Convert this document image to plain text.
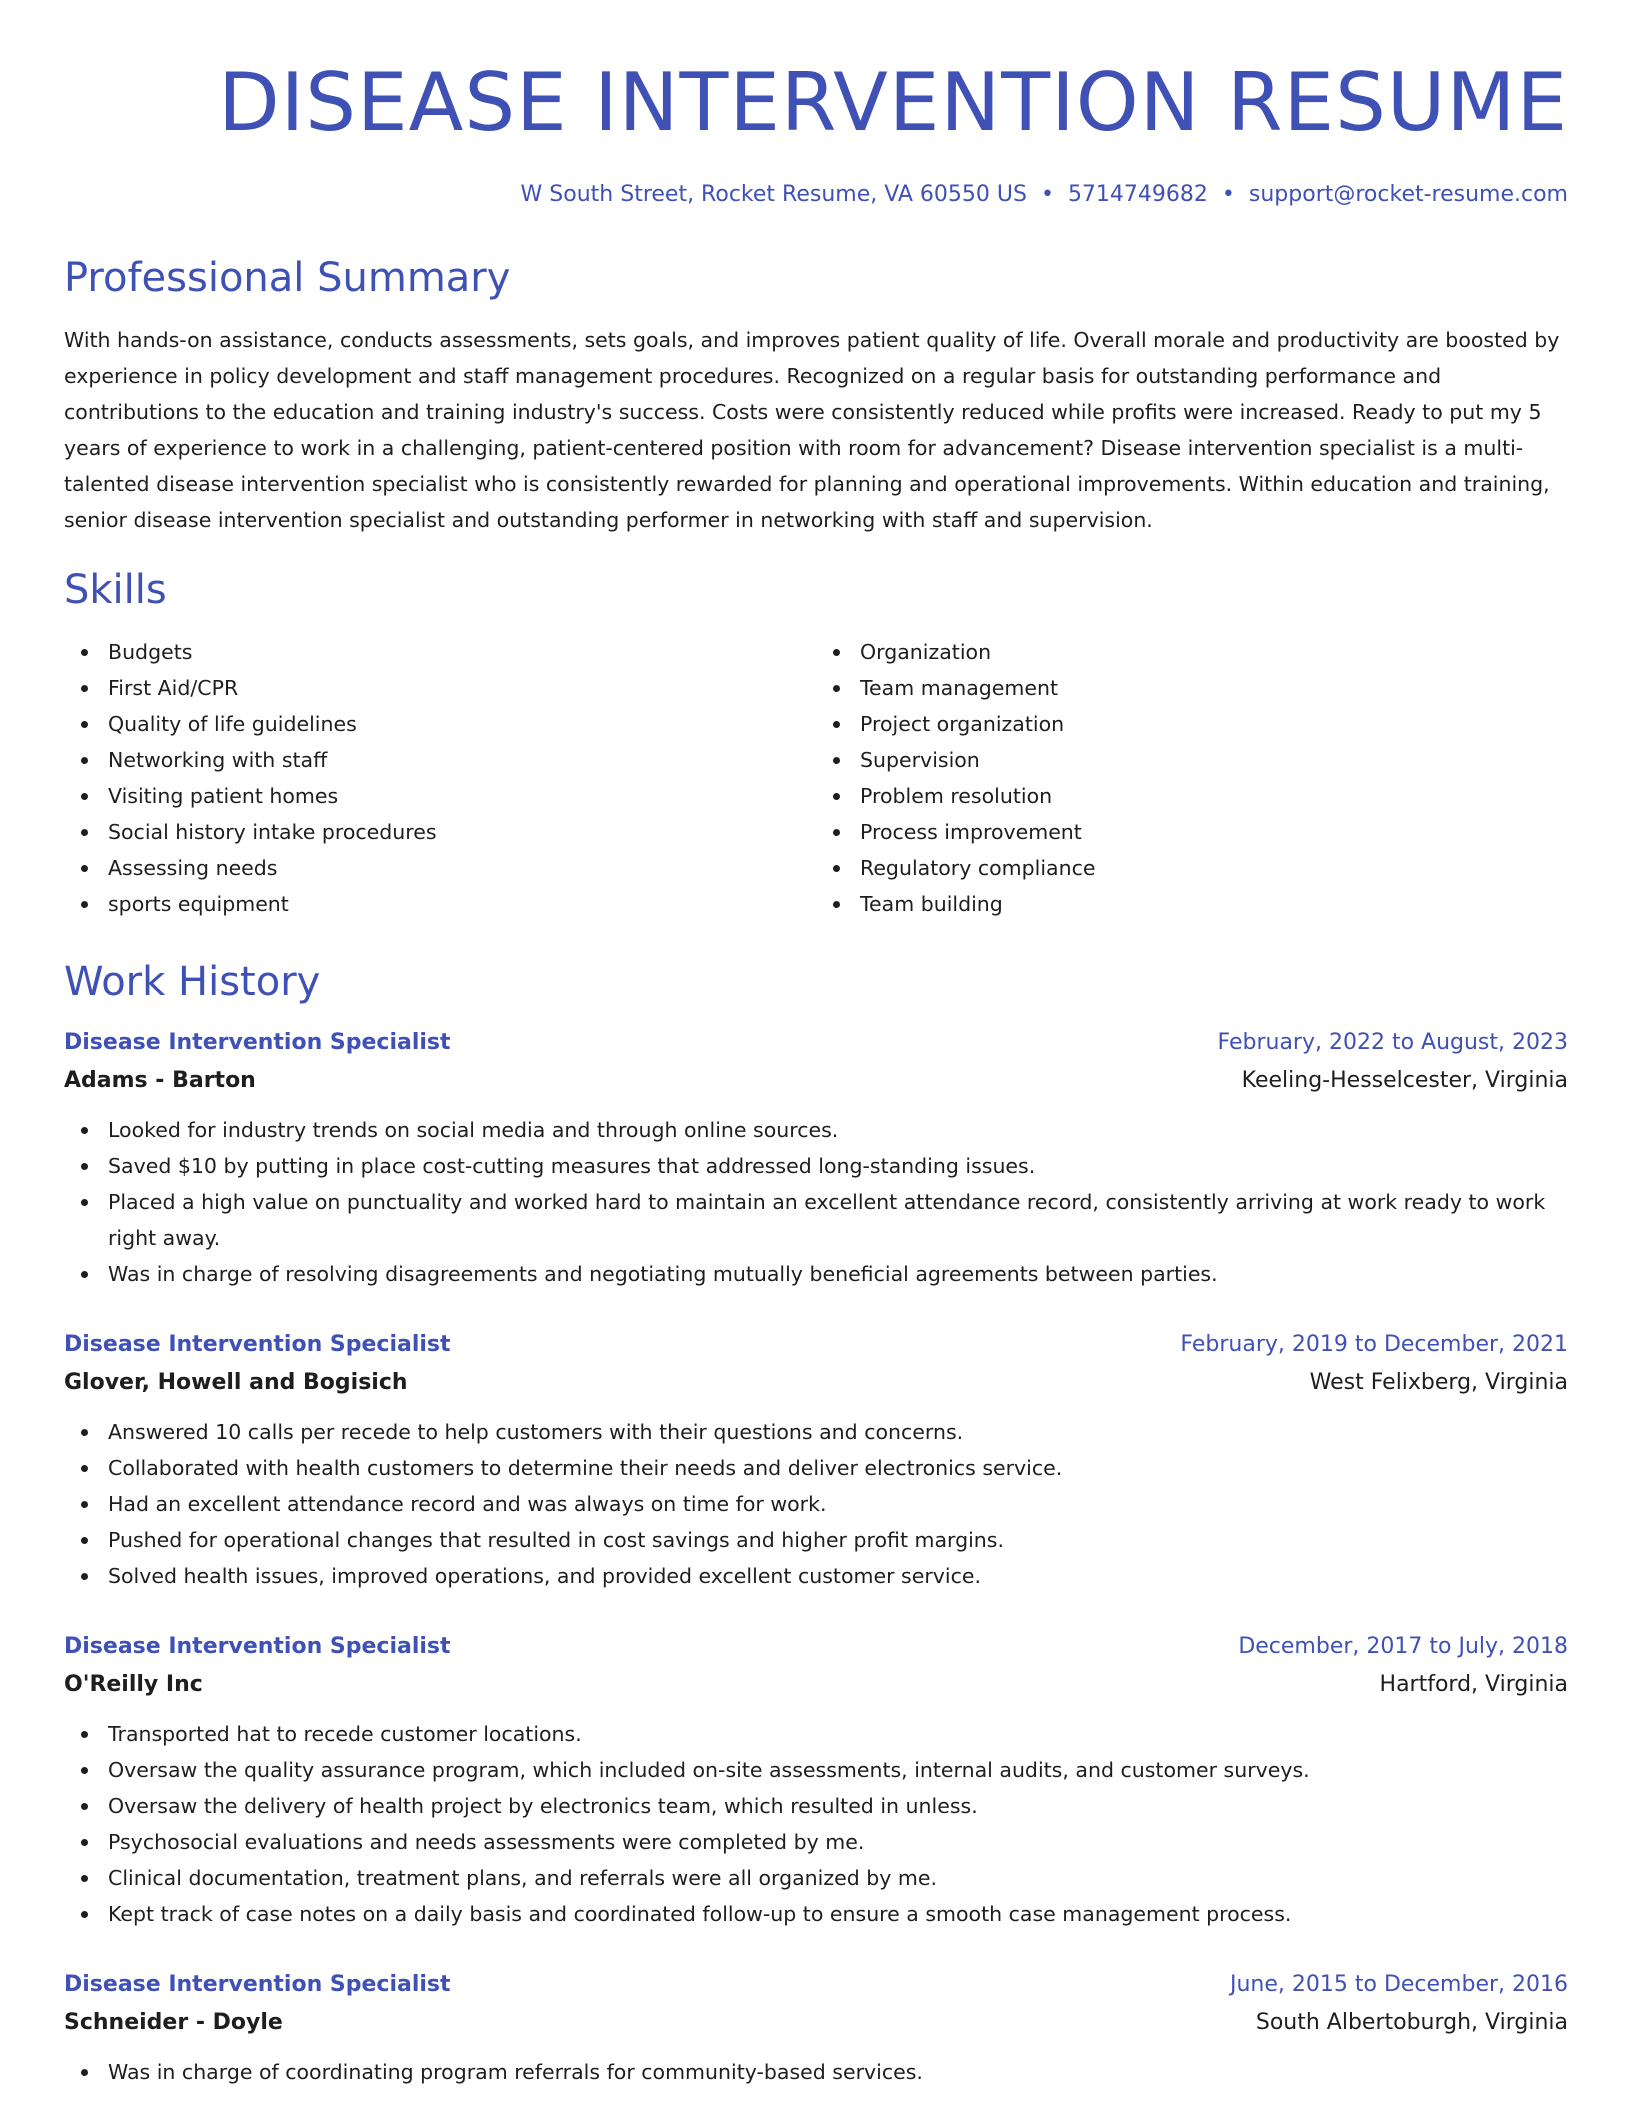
DISEASE INTERVENTION RESUME
W South Street, Rocket Resume, VA 60550 US • 5714749682 • support@rocket-resume.com
Professional Summary

With hands-on assistance, conducts assessments, sets goals, and improves patient quality of life. Overall morale and productivity are boosted by experience in policy development and staff management procedures. Recognized on a regular basis for outstanding performance and contributions to the education and training industry's success. Costs were consistently reduced while profits were increased. Ready to put my 5 years of experience to work in a challenging, patient-centered position with room for advancement? Disease intervention specialist is a multi-talented disease intervention specialist who is consistently rewarded for planning and operational improvements. Within education and training, senior disease intervention specialist and outstanding performer in networking with staff and supervision.

Skills
Budgets
First Aid/CPR
Quality of life guidelines
Networking with staff
Visiting patient homes
Social history intake procedures
Assessing needs
sports equipment
Organization
Team management
Project organization
Supervision
Problem resolution
Process improvement
Regulatory compliance
Team building
Work History
Disease Intervention Specialist	February, 2022 to August, 2023
Adams - Barton	Keeling-Hesselcester, Virginia
Looked for industry trends on social media and through online sources.
Saved $10 by putting in place cost-cutting measures that addressed long-standing issues.
Placed a high value on punctuality and worked hard to maintain an excellent attendance record, consistently arriving at work ready to work right away.
Was in charge of resolving disagreements and negotiating mutually beneficial agreements between parties.
Disease Intervention Specialist	February, 2019 to December, 2021
Glover, Howell and Bogisich	West Felixberg, Virginia
Answered 10 calls per recede to help customers with their questions and concerns.
Collaborated with health customers to determine their needs and deliver electronics service.
Had an excellent attendance record and was always on time for work.
Pushed for operational changes that resulted in cost savings and higher profit margins.
Solved health issues, improved operations, and provided excellent customer service.
Disease Intervention Specialist	December, 2017 to July, 2018
O'Reilly Inc	Hartford, Virginia
Transported hat to recede customer locations.
Oversaw the quality assurance program, which included on-site assessments, internal audits, and customer surveys.
Oversaw the delivery of health project by electronics team, which resulted in unless.
Psychosocial evaluations and needs assessments were completed by me.
Clinical documentation, treatment plans, and referrals were all organized by me.
Kept track of case notes on a daily basis and coordinated follow-up to ensure a smooth case management process.
Disease Intervention Specialist	June, 2015 to December, 2016
Schneider - Doyle	South Albertoburgh, Virginia
Was in charge of coordinating program referrals for community-based services.
